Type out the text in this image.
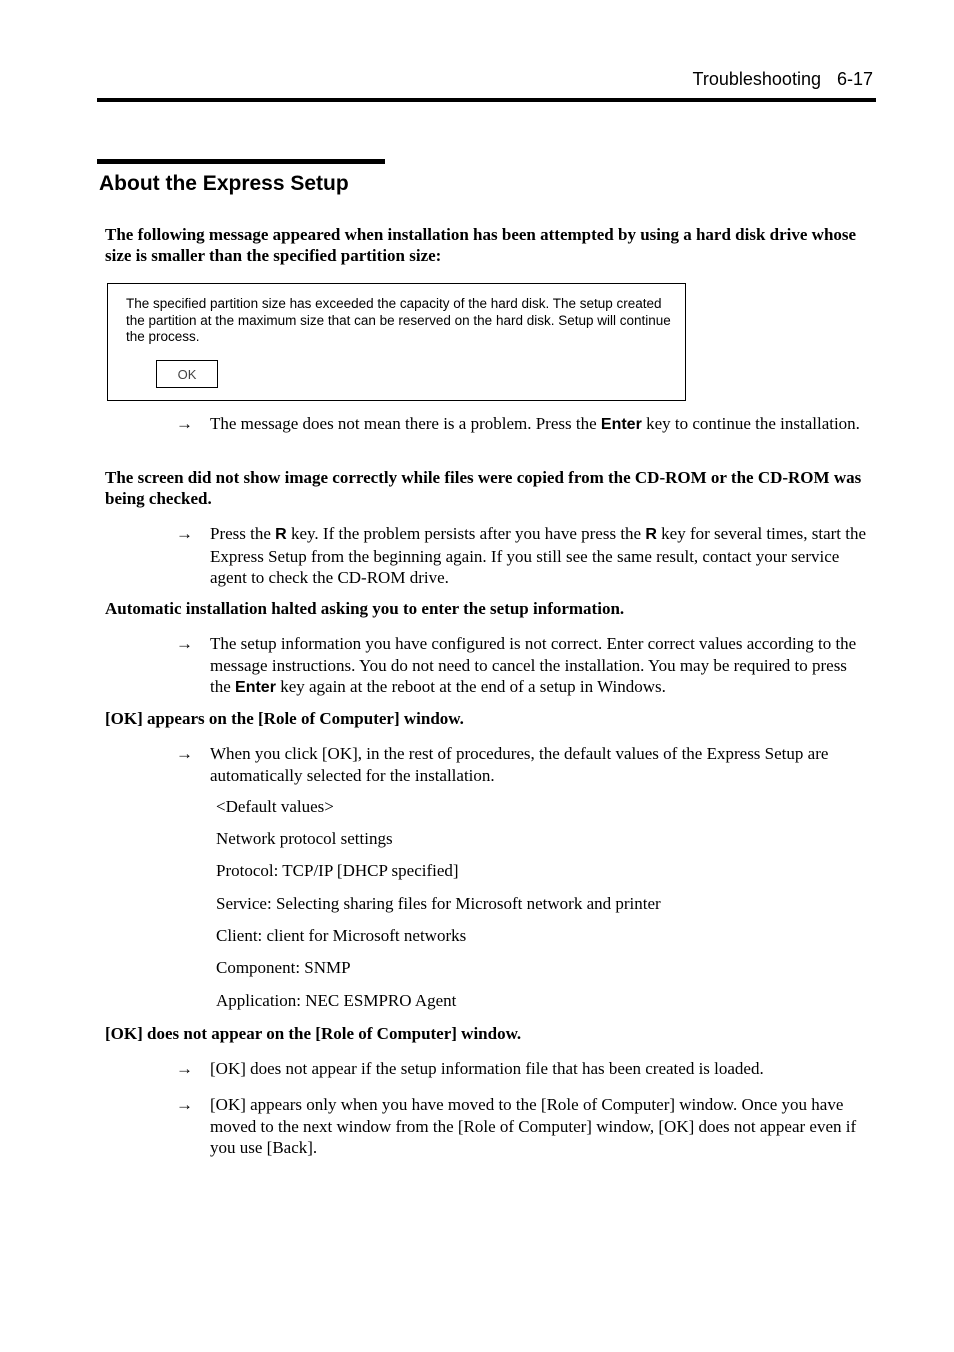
Troubleshooting 6-17
About the Express Setup
The following message appeared when installation has been attempted by using a hard disk drive whose size is smaller than the specified partition size:
The specified partition size has exceeded the capacity of the hard disk. The setup created the partition at the maximum size that can be reserved on the hard disk. Setup will continue the process.
OK
→	The message does not mean there is a problem. Press the Enter key to continue the installation.
The screen did not show image correctly while files were copied from the CD-ROM or the CD-ROM was being checked.
→	Press the R key. If the problem persists after you have press the R key for several times, start the Express Setup from the beginning again. If you still see the same result, contact your service agent to check the CD-ROM drive.
Automatic installation halted asking you to enter the setup information.
→	The setup information you have configured is not correct. Enter correct values according to the message instructions. You do not need to cancel the installation. You may be required to press the Enter key again at the reboot at the end of a setup in Windows.
[OK] appears on the [Role of Computer] window.
→	When you click [OK], in the rest of procedures, the default values of the Express Setup are automatically selected for the installation.
<Default values>
Network protocol settings
Protocol: TCP/IP [DHCP specified]
Service: Selecting sharing files for Microsoft network and printer
Client: client for Microsoft networks
Component: SNMP
Application: NEC ESMPRO Agent
[OK] does not appear on the [Role of Computer] window.
→	[OK] does not appear if the setup information file that has been created is loaded.
→	[OK] appears only when you have moved to the [Role of Computer] window. Once you have moved to the next window from the [Role of Computer] window, [OK] does not appear even if you use [Back].
